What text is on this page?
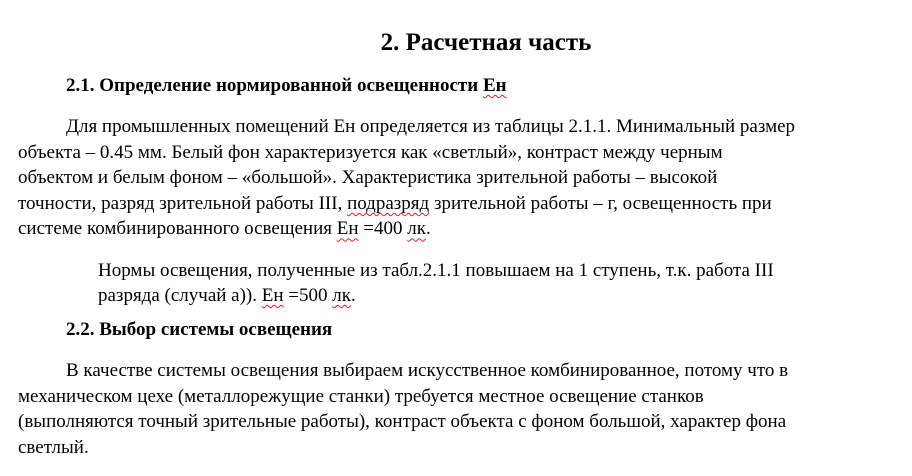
2. Расчетная часть
2.1. Определение нормированной освещенности Ен
Для промышленных помещений Ен определяется из таблицы 2.1.1. Минимальный размер
объекта – 0.45 мм. Белый фон характеризуется как «светлый», контраст между черным
объектом и белым фоном – «большой». Характеристика зрительной работы – высокой
точности, разряд зрительной работы III, подразряд зрительной работы – г, освещенность при
системе комбинированного освещения Ен =400 лк.
Нормы освещения, полученные из табл.2.1.1 повышаем на 1 ступень, т.к. работа III
разряда (случай а)). Ен =500 лк.
2.2. Выбор системы освещения
В качестве системы освещения выбираем искусственное комбинированное, потому что в
механическом цехе (металлорежущие станки) требуется местное освещение станков
(выполняются точный зрительные работы), контраст объекта с фоном большой, характер фона
светлый.
